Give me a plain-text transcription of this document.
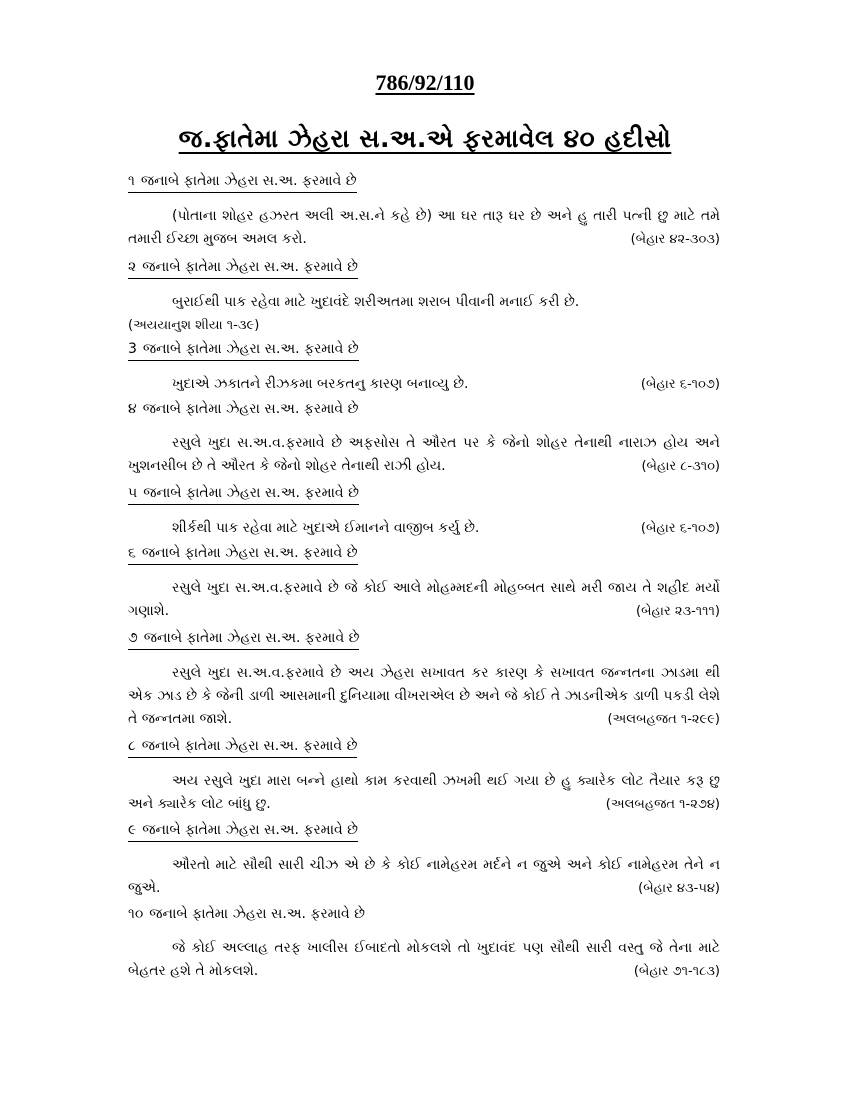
786/92/110
જ.ફાતેમા ઝેહરા સ.અ.એ ફરમાવેલ ૪૦ હદીસો
૧ જનાબે ફાતેમા ઝેહરા સ.અ. ફરમાવે છે
(પોતાના શોહર હઝરત અલી અ.સ.ને કહે છે) આ ઘર તારૂ ઘર છે અને હુ તારી પત્ની છુ માટે તમે તમારી ઈચ્છા મુજબ અમલ કરો.	(બેહાર ૪૨-૩૦૩)
૨ જનાબે ફાતેમા ઝેહરા સ.અ. ફરમાવે છે
બુરાઈથી પાક રહેવા માટે ખુદાવંદે શરીઅતમા શરાબ પીવાની મનાઈ કરી છે.
(અયયાનુશ શીયા ૧-૩૯)
3 જનાબે ફાતેમા ઝેહરા સ.અ. ફરમાવે છે
ખુદાએ ઝકાતને રીઝકમા બરકતનુ કારણ બનાવ્યુ છે.	(બેહાર ૬-૧૦૭)
૪ જનાબે ફાતેમા ઝેહરા સ.અ. ફરમાવે છે
રસુલે ખુદા સ.અ.વ.ફરમાવે છે અફસોસ તે ઔરત પર કે જેનો શોહર તેનાથી નારાઝ હોય અને ખુશનસીબ છે તે ઔરત કે જેનો શોહર તેનાથી રાઝી હોય.	(બેહાર ૮-૩૧૦)
૫ જનાબે ફાતેમા ઝેહરા સ.અ. ફરમાવે છે
શીર્કથી પાક રહેવા માટે ખુદાએ ઈમાનને વાજીબ કર્યુ છે.	(બેહાર ૬-૧૦૭)
૬ જનાબે ફાતેમા ઝેહરા સ.અ. ફરમાવે છે
રસુલે ખુદા સ.અ.વ.ફરમાવે છે જે કોઈ આલે મોહમ્મદની મોહબ્બત સાથે મરી જાય તે શહીદ મર્યો ગણાશે.	(બેહાર ૨૩-૧૧૧)
૭ જનાબે ફાતેમા ઝેહરા સ.અ. ફરમાવે છે
રસુલે ખુદા સ.અ.વ.ફરમાવે છે અય ઝેહરા સખાવત કર કારણ કે સખાવત જન્નતના ઝાડમા થી એક ઝાડ છે કે જેની ડાળી આસમાની દુનિયામા વીખરાએલ છે અને જે કોઈ તે ઝાડનીએક ડાળી પકડી લેશે તે જન્નતમા જાશે.	(અલબહજત ૧-૨૯૯)
૮ જનાબે ફાતેમા ઝેહરા સ.અ. ફરમાવે છે
અય રસુલે ખુદા મારા બન્ને હાથો કામ કરવાથી ઝખમી થઈ ગયા છે હુ ક્યારેક લોટ તૈયાર કરૂ છુ અને ક્યારેક લોટ બાંધુ છુ.	(અલબહજત ૧-૨૭૪)
૯ જનાબે ફાતેમા ઝેહરા સ.અ. ફરમાવે છે
ઔરતો માટે સૌથી સારી ચીઝ એ છે કે કોઈ નામેહરમ મર્દને ન જુએ અને કોઈ નામેહરમ તેને ન જુએ.	(બેહાર ૪૩-૫૪)
૧૦ જનાબે ફાતેમા ઝેહરા સ.અ. ફરમાવે છે
જે કોઈ અલ્લાહ તરફ ખાલીસ ઈબાદતો મોકલશે તો ખુદાવંદ પણ સૌથી સારી વસ્તુ જે તેના માટે બેહતર હશે તે મોકલશે.	(બેહાર ૭૧-૧૮૩)
